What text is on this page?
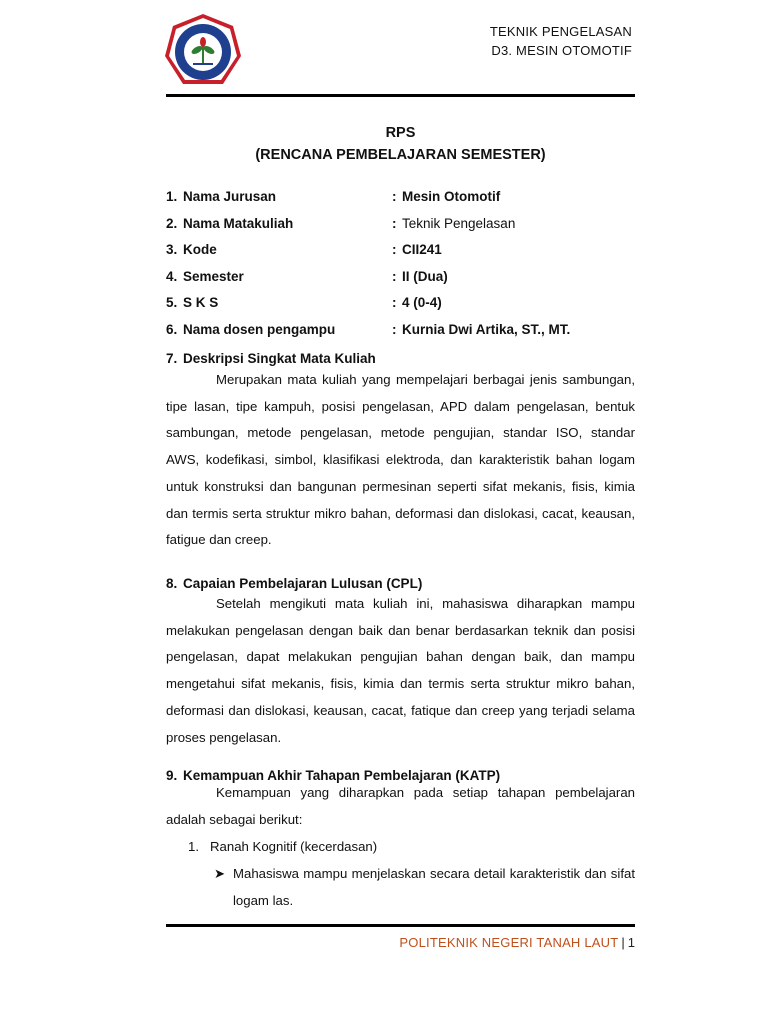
TEKNIK PENGELASAN
D3. MESIN OTOMOTIF
RPS
(RENCANA PEMBELAJARAN SEMESTER)
1. Nama Jurusan	: Mesin Otomotif
2. Nama Matakuliah	: Teknik Pengelasan
3. Kode	: CII241
4. Semester	: II (Dua)
5. S K S	: 4 (0-4)
6. Nama dosen pengampu	: Kurnia Dwi Artika, ST., MT.
7. Deskripsi Singkat Mata Kuliah

Merupakan mata kuliah yang mempelajari berbagai jenis sambungan, tipe lasan, tipe kampuh, posisi pengelasan, APD dalam pengelasan, bentuk sambungan, metode pengelasan, metode pengujian, standar ISO, standar AWS, kodefikasi, simbol, klasifikasi elektroda, dan karakteristik bahan logam untuk konstruksi dan bangunan permesinan seperti sifat mekanis, fisis, kimia dan termis serta struktur mikro bahan, deformasi dan dislokasi, cacat, keausan, fatigue dan creep.

8. Capaian Pembelajaran Lulusan (CPL)

Setelah mengikuti mata kuliah ini, mahasiswa diharapkan mampu melakukan pengelasan dengan baik dan benar berdasarkan teknik dan posisi pengelasan, dapat melakukan pengujian bahan dengan baik, dan mampu mengetahui sifat mekanis, fisis, kimia dan termis serta struktur mikro bahan, deformasi dan dislokasi, keausan, cacat, fatique dan creep yang terjadi selama proses pengelasan.

9. Kemampuan Akhir Tahapan Pembelajaran (KATP)

Kemampuan yang diharapkan pada setiap tahapan pembelajaran adalah sebagai berikut:

1. Ranah Kognitif (kecerdasan)
➤ Mahasiswa mampu menjelaskan secara detail karakteristik dan sifat logam las.
POLITEKNIK NEGERI TANAH LAUT | 1
